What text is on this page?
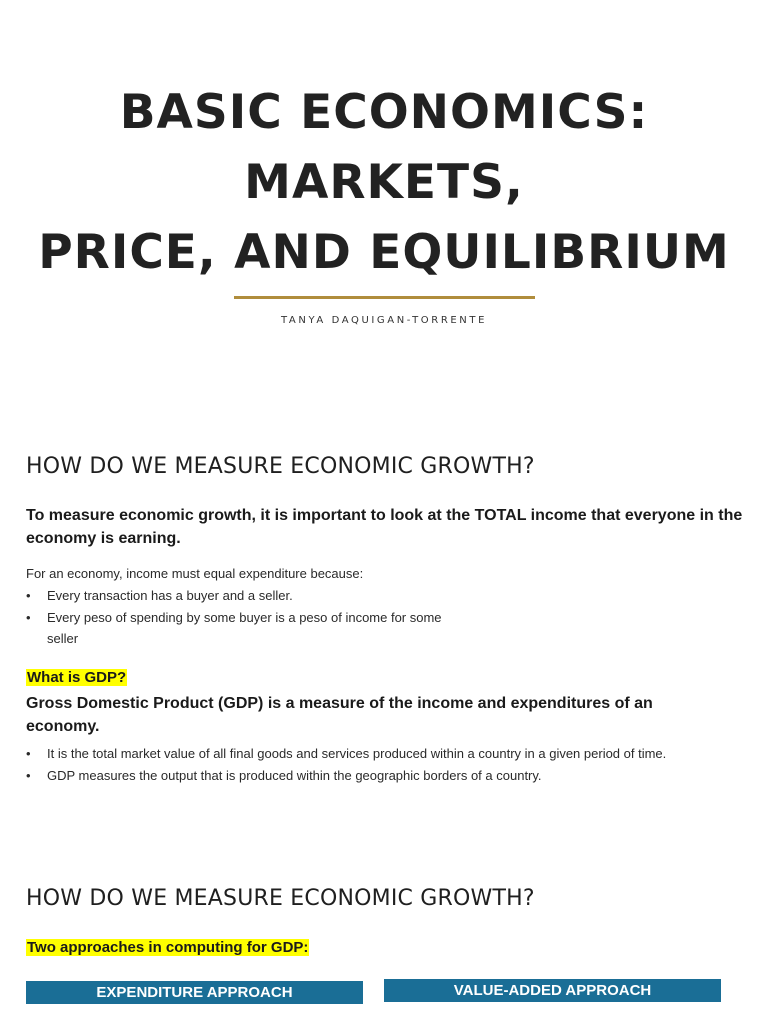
BASIC ECONOMICS: MARKETS,
PRICE, AND EQUILIBRIUM
TANYA DAQUIGAN-TORRENTE
HOW DO WE MEASURE ECONOMIC GROWTH?

To measure economic growth, it is important to look at the TOTAL income that everyone in the economy is earning.

For an economy, income must equal expenditure because:

• Every transaction has a buyer and a seller.
• Every peso of spending by some buyer is a peso of income for some seller

What is GDP?

Gross Domestic Product (GDP) is a measure of the income and expenditures of an economy.

• It is the total market value of all final goods and services produced within a country in a given period of time.
• GDP measures the output that is produced within the geographic borders of a country.
HOW DO WE MEASURE ECONOMIC GROWTH?

Two approaches in computing for GDP:

EXPENDITURE APPROACH	VALUE-ADDED APPROACH
